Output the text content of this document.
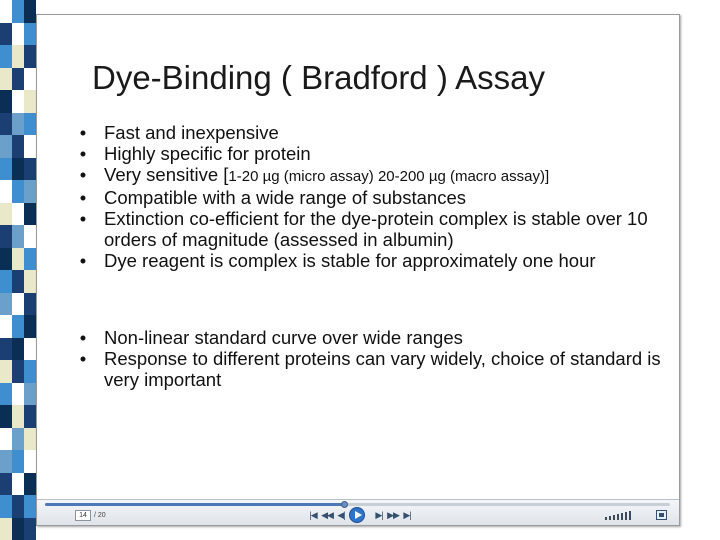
Dye-Binding ( Bradford ) Assay
• Fast and inexpensive
• Highly specific for protein
• Very sensitive [1-20 µg (micro assay) 20-200 µg (macro assay)]
• Compatible with a wide range of substances
• Extinction co-efficient for the dye-protein complex is stable over 10 orders of magnitude (assessed in albumin)
• Dye reagent is complex is stable for approximately one hour
• Non-linear standard curve over wide ranges
• Response to different proteins can vary widely, choice of standard is very important
14	/ 20	|◀ ◀◀ ◀|	▶| ▶▶ ▶|
